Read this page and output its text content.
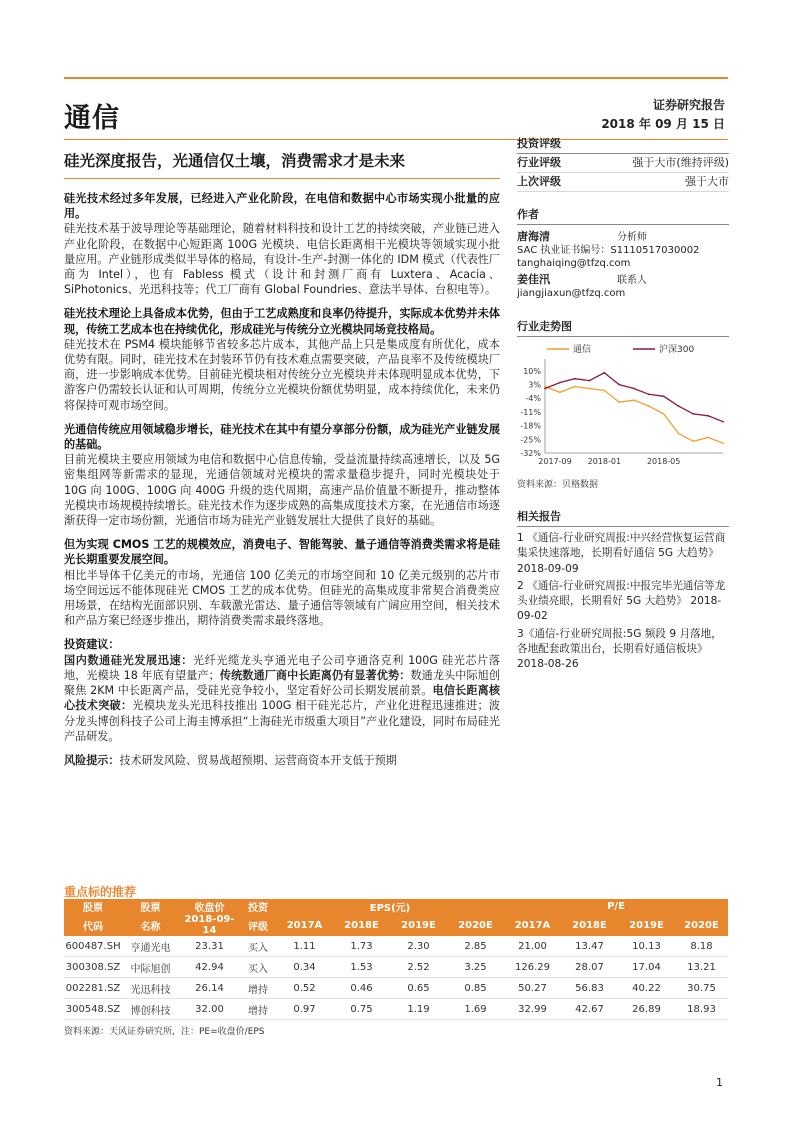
通信	证券研究报告
2018 年 09 月 15 日
硅光深度报告，光通信仅土壤，消费需求才是未来

硅光技术经过多年发展，已经进入产业化阶段，在电信和数据中心市场实现小批量的应用。

硅光技术基于波导理论等基础理论，随着材料科技和设计工艺的持续突破，产业链已进入产业化阶段，在数据中心短距离 100G 光模块、电信长距离相干光模块等领域实现小批量应用。产业链形成类似半导体的格局，有设计-生产-封测一体化的 IDM 模式（代表性厂商为 Intel），也有 Fabless 模式（设计和封测厂商有 Luxtera、Acacia、SiPhotonics、光迅科技等；代工厂商有 Global Foundries、意法半导体、台积电等）。

硅光技术理论上具备成本优势，但由于工艺成熟度和良率仍待提升，实际成本优势并未体现，传统工艺成本也在持续优化，形成硅光与传统分立光模块同场竞技格局。

硅光技术在 PSM4 模块能够节省较多芯片成本，其他产品上只是集成度有所优化，成本优势有限。同时，硅光技术在封装环节仍有技术难点需要突破，产品良率不及传统模块厂商，进一步影响成本优势。目前硅光模块相对传统分立光模块并未体现明显成本优势，下游客户仍需较长认证和认可周期，传统分立光模块份额优势明显，成本持续优化，未来仍将保持可观市场空间。

光通信传统应用领域稳步增长，硅光技术在其中有望分享部分份额，成为硅光产业链发展的基础。

目前光模块主要应用领域为电信和数据中心信息传输，受益流量持续高速增长，以及 5G 密集组网等新需求的显现，光通信领域对光模块的需求量稳步提升，同时光模块处于 10G 向 100G、100G 向 400G 升级的迭代周期，高速产品价值量不断提升，推动整体光模块市场规模持续增长。硅光技术作为逐步成熟的高集成度技术方案，在光通信市场逐渐获得一定市场份额，光通信市场为硅光产业链发展壮大提供了良好的基础。

但为实现 CMOS 工艺的规模效应，消费电子、智能驾驶、量子通信等消费类需求将是硅光长期重要发展空间。

相比半导体千亿美元的市场，光通信 100 亿美元的市场空间和 10 亿美元级别的芯片市场空间远远不能体现硅光 CMOS 工艺的成本优势。但硅光的高集成度非常契合消费类应用场景，在结构光面部识别、车载激光雷达、量子通信等领域有广阔应用空间，相关技术和产品方案已经逐步推出，期待消费类需求最终落地。

投资建议：

国内数通硅光发展迅速：光纤光缆龙头亨通光电子公司亨通洛克利 100G 硅光芯片落地，光模块 18 年底有望量产；传统数通厂商中长距离仍有显著优势：数通龙头中际旭创聚焦 2KM 中长距离产品，受硅光竞争较小，坚定看好公司长期发展前景。电信长距离核心技术突破：光模块龙头光迅科技推出 100G 相干硅光芯片，产业化进程迅速推进；波分龙头博创科技子公司上海圭博承担“上海硅光市级重大项目”产业化建设，同时布局硅光产品研发。

风险提示：技术研发风险、贸易战超预期、运营商资本开支低于预期

投资评级
行业评级	强于大市(维持评级)
上次评级	强于大市
作者
唐海清	分析师
SAC 执业证书编号：S1110517030002
tanghaiqing@tfzq.com
姜佳汛	联系人
jiangjiaxun@tfzq.com
行业走势图
通信	沪深300
10%
3%
-4%
-11%
-18%
-25%
-32%
2017-09 2018-01	2018-05
资料来源：贝格数据
相关报告

1 《通信-行业研究周报:中兴经营恢复运营商集采快速落地，长期看好通信 5G 大趋势》 2018-09-09

2 《通信-行业研究周报:中报完毕光通信等龙头业绩亮眼，长期看好 5G 大趋势》 2018-09-02

3《通信-行业研究周报:5G 频段 9 月落地，各地配套政策出台，长期看好通信板块》 2018-08-26

重点标的推荐
股票	股票	收盘价	投资	EPS(元)				P/E			
代码	名称	2018-09-14	评级	2017A	2018E	2019E	2020E	2017A	2018E	2019E	2020E
600487.SH	亨通光电	23.31	买入	1.11	1.73	2.30	2.85	21.00	13.47	10.13	8.18
300308.SZ	中际旭创	42.94	买入	0.34	1.53	2.52	3.25	126.29	28.07	17.04	13.21
002281.SZ	光迅科技	26.14	增持	0.52	0.46	0.65	0.85	50.27	56.83	40.22	30.75
300548.SZ	博创科技	32.00	增持	0.97	0.75	1.19	1.69	32.99	42.67	26.89	18.93
资料来源：天风证券研究所，注：PE=收盘价/EPS
1
